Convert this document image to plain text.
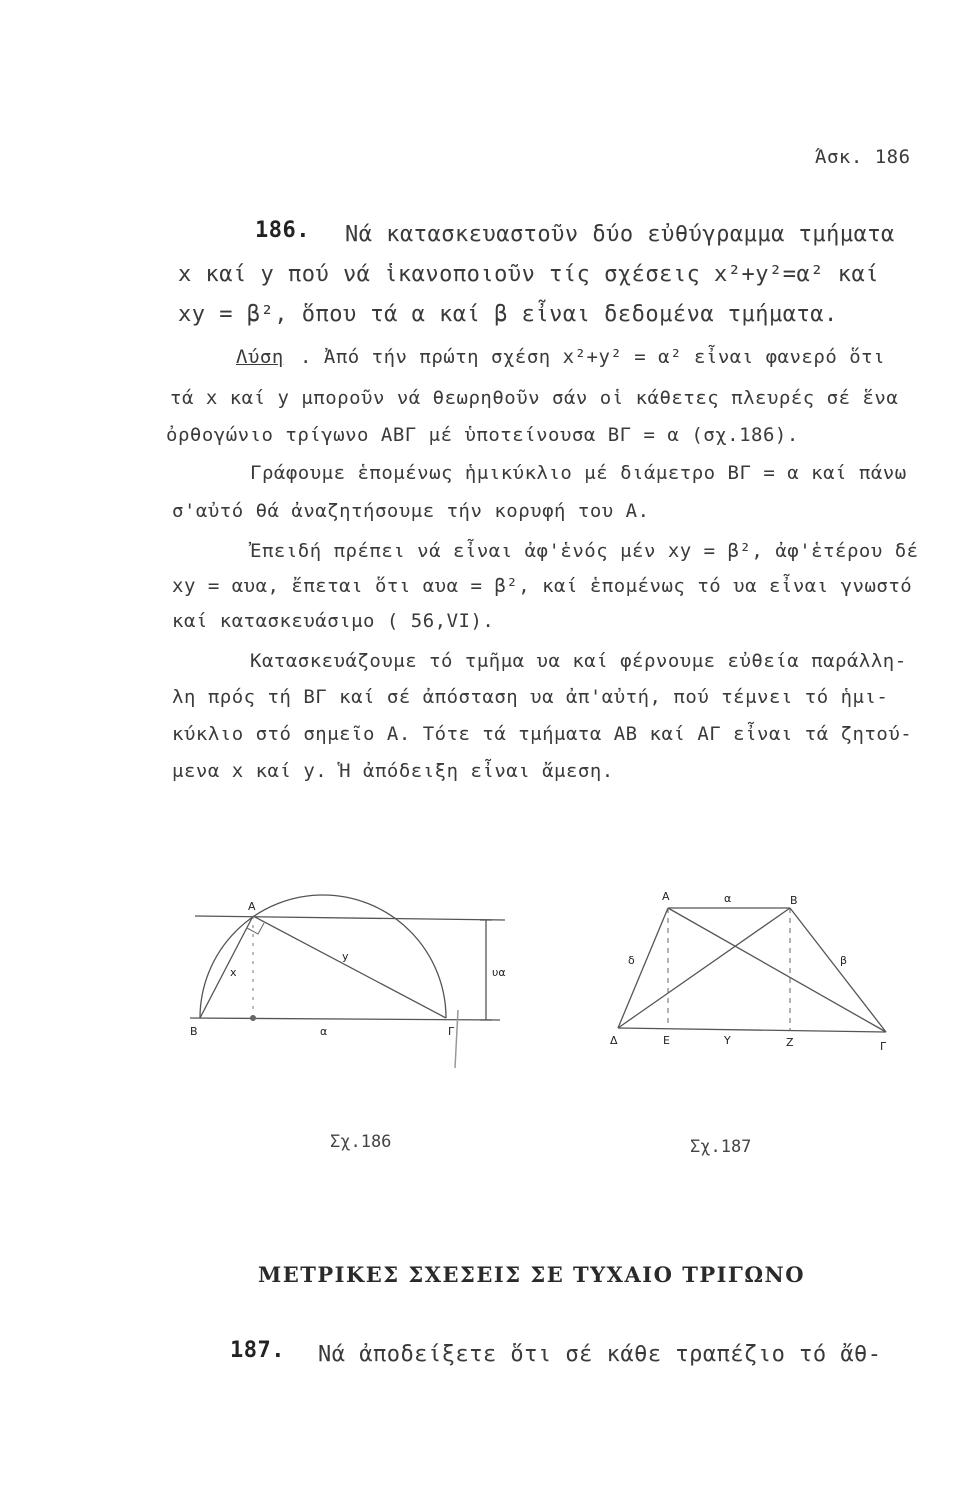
Άσκ. 186
186. Νά κατασκευαστοῦν δύο εὐθύγραμμα τμήματα
x καί y πού νά ἱκανοποιοῦν τίς σχέσεις x²+y²=α² καί
xy = β², ὅπου τά α καί β εἶναι δεδομένα τμήματα.
Λύση . Ἀπό τήν πρώτη σχέση x²+y² = α² εἶναι φανερό ὅτι
τά x καί y μποροῦν νά θεωρηθοῦν σάν οἱ κάθετες πλευρές σέ ἕνα
ὀρθογώνιο τρίγωνο ΑΒΓ μέ ὑποτείνουσα ΒΓ = α (σχ.186).
Γράφουμε ἑπομένως ἡμικύκλιο μέ διάμετρο ΒΓ = α καί πάνω
σ'αὐτό θά ἀναζητήσουμε τήν κορυφή του Α.
Ἐπειδή πρέπει νά εἶναι ἀφ'ἑνός μέν xy = β², ἀφ'ἑτέρου δέ
xy = αυα, ἔπεται ὅτι αυα = β², καί ἑπομένως τό υα εἶναι γνωστό
καί κατασκευάσιμο ( 56,VI).
Κατασκευάζουμε τό τμῆμα υα καί φέρνουμε εὐθεία παράλλη-
λη πρός τή ΒΓ καί σέ ἀπόσταση υα ἀπ'αὐτή, πού τέμνει τό ἡμι-
κύκλιο στό σημεῖο Α. Τότε τά τμήματα ΑΒ καί ΑΓ εἶναι τά ζητού-
μενα x καί y. Ἡ ἀπόδειξη εἶναι ἄμεση.
A
B	Γ
x
y
α
υα
Σχ.186
A	B
α
δ	β
Δ	E	Y	Z	Γ
Σχ.187
ΜΕΤΡΙΚΕΣ ΣΧΕΣΕΙΣ ΣΕ ΤΥΧΑΙΟ ΤΡΙΓΩΝΟ
187. Νά ἀποδείξετε ὅτι σέ κάθε τραπέζιο τό ἄθ-
